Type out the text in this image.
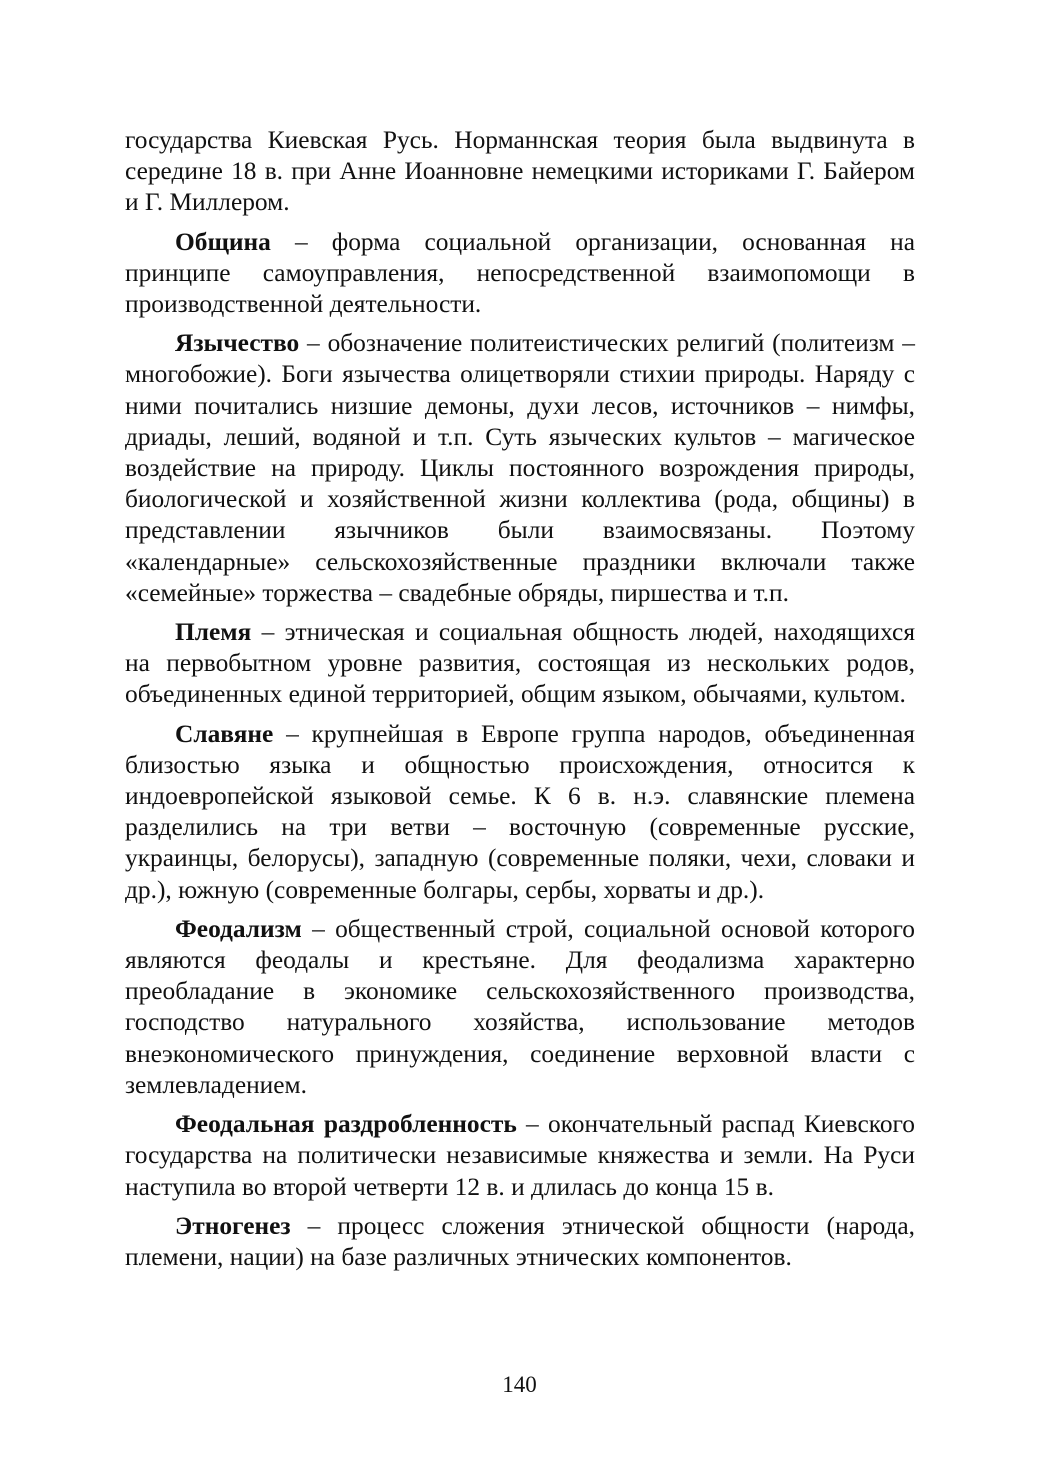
государства Киевская Русь. Норманнская теория была выдвинута в середине 18 в. при Анне Иоанновне немецкими историками Г. Байером и Г. Миллером.

Община – форма социальной организации, основанная на принципе самоуправления, непосредственной взаимопомощи в производственной деятельности.

Язычество – обозначение политеистических религий (политеизм – многобожие). Боги язычества олицетворяли стихии природы. Наряду с ними почитались низшие демоны, духи лесов, источников – нимфы, дриады, леший, водяной и т.п. Суть языческих культов – магическое воздействие на природу. Циклы постоянного возрождения природы, биологической и хозяйственной жизни коллектива (рода, общины) в представлении язычников были взаимосвязаны. Поэтому «календарные» сельскохозяйственные праздники включали также «семейные» торжества – свадебные обряды, пиршества и т.п.

Племя – этническая и социальная общность людей, находящихся на первобытном уровне развития, состоящая из нескольких родов, объединенных единой территорией, общим языком, обычаями, культом.

Славяне – крупнейшая в Европе группа народов, объединенная близостью языка и общностью происхождения, относится к индоевропейской языковой семье. К 6 в. н.э. славянские племена разделились на три ветви – восточную (современные русские, украинцы, белорусы), западную (современные поляки, чехи, словаки и др.), южную (современные болгары, сербы, хорваты и др.).

Феодализм – общественный строй, социальной основой которого являются феодалы и крестьяне. Для феодализма характерно преобладание в экономике сельскохозяйственного производства, господство натурального хозяйства, использование методов внеэкономического принуждения, соединение верховной власти с землевладением.

Феодальная раздробленность – окончательный распад Киевского государства на политически независимые княжества и земли. На Руси наступила во второй четверти 12 в. и длилась до конца 15 в.

Этногенез – процесс сложения этнической общности (народа, племени, нации) на базе различных этнических компонентов.

140
